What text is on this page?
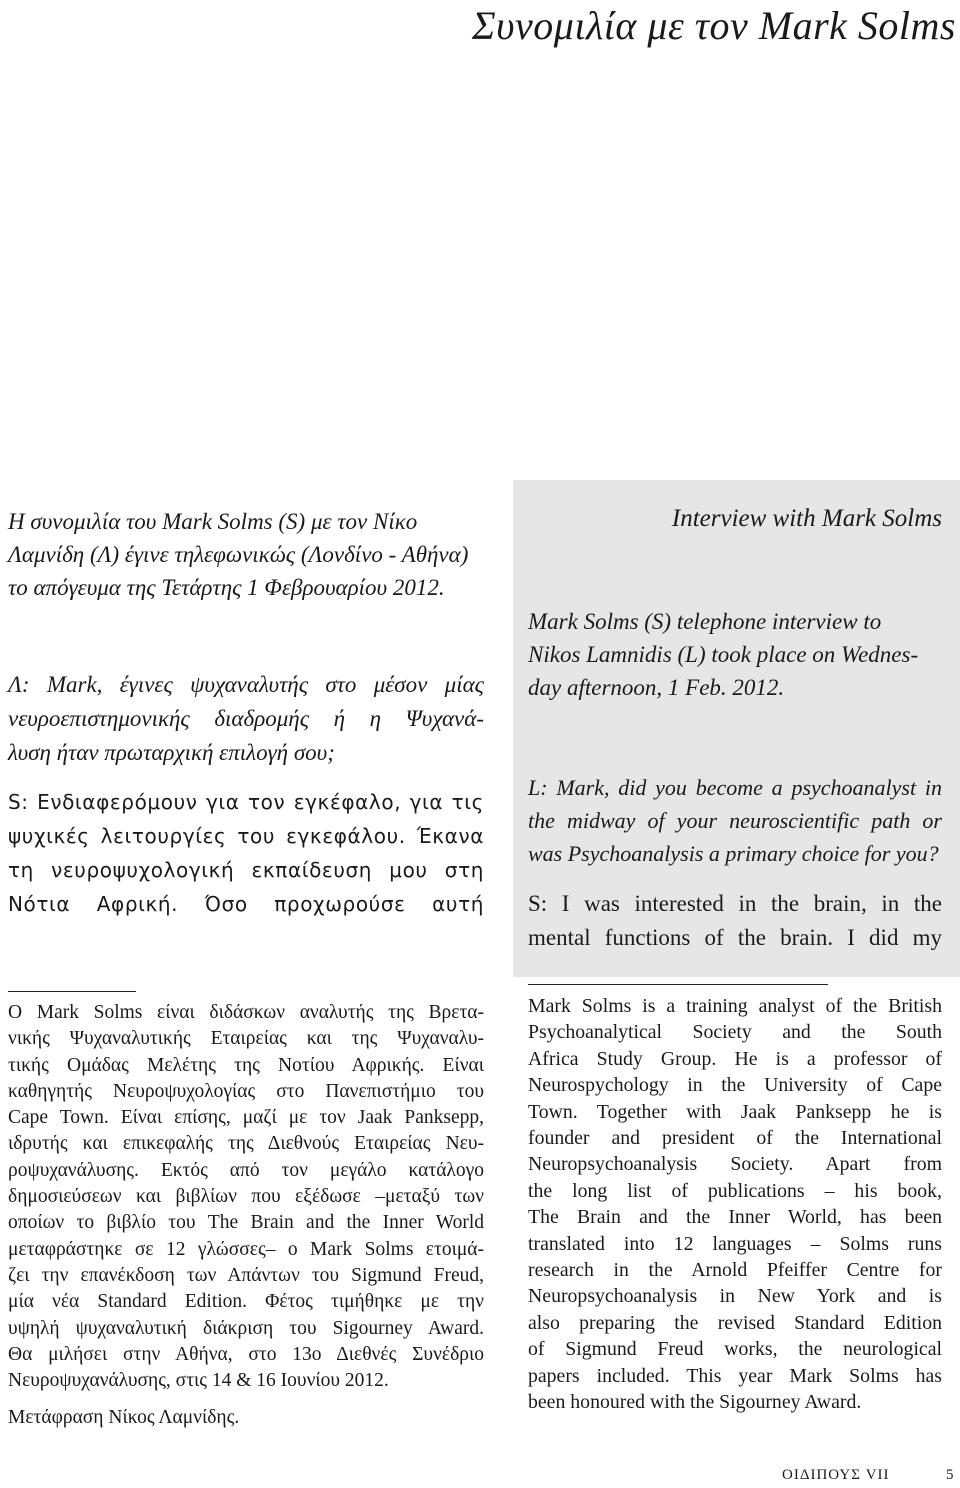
Συνομιλία με τον Mark Solms

Η συνομιλία του Mark Solms (S) με τον Νίκο

Λαμνίδη (Λ) έγινε τηλεφωνικώς (Λονδίνο - Αθήνα)

το απόγευμα της Τετάρτης 1 Φεβρουαρίου 2012.

Λ: Mark, έγινες ψυχαναλυτής στο μέσον μίας

νευροεπιστημονικής διαδρομής ή η Ψυχανά-

λυση ήταν πρωταρχική επιλογή σου;

S: Ενδιαφερόμουν για τον εγκέφαλο, για τις

ψυχικές λειτουργίες του εγκεφάλου. Έκανα

τη νευροψυχολογική εκπαίδευση μου στη

Νότια Αφρική. Όσο προχωρούσε αυτή

Ο Mark Solms είναι διδάσκων αναλυτής της Βρετα-

νικής Ψυχαναλυτικής Εταιρείας και της Ψυχαναλυ-

τικής Ομάδας Μελέτης της Νοτίου Αφρικής. Είναι

καθηγητής Νευροψυχολογίας στο Πανεπιστήμιο του

Cape Town. Είναι επίσης, μαζί με τον Jaak Panksepp,

ιδρυτής και επικεφαλής της Διεθνούς Εταιρείας Νευ-

ροψυχανάλυσης. Εκτός από τον μεγάλο κατάλογο

δημοσιεύσεων και βιβλίων που εξέδωσε –μεταξύ των

οποίων το βιβλίο του The Brain and the Inner World

μεταφράστηκε σε 12 γλώσσες– ο Mark Solms ετοιμά-

ζει την επανέκδοση των Απάντων του Sigmund Freud,

μία νέα Standard Edition. Φέτος τιμήθηκε με την

υψηλή ψυχαναλυτική διάκριση του Sigourney Award.

Θα μιλήσει στην Αθήνα, στο 13ο Διεθνές Συνέδριο

Νευροψυχανάλυσης, στις 14 & 16 Ιουνίου 2012.

Μετάφραση Νίκος Λαμνίδης.
Interview with Mark Solms

Mark Solms (S) telephone interview to

Nikos Lamnidis (L) took place on Wednes-

day afternoon, 1 Feb. 2012.

L: Mark, did you become a psychoanalyst in

the midway of your neuroscientific path or

was Psychoanalysis a primary choice for you?

S: I was interested in the brain, in the

mental functions of the brain. I did my

Mark Solms is a training analyst of the British

Psychoanalytical Society and the South

Africa Study Group. He is a professor of

Neurospychology in the University of Cape

Town. Together with Jaak Panksepp he is

founder and president of the International

Neuropsychoanalysis Society. Apart from

the long list of publications – his book,

The Brain and the Inner World, has been

translated into 12 languages – Solms runs

research in the Arnold Pfeiffer Centre for

Neuropsychoanalysis in New York and is

also preparing the revised Standard Edition

of Sigmund Freud works, the neurological

papers included. This year Mark Solms has

been honoured with the Sigourney Award.

ΟΙΔΙΠΟΥΣ VII	5
